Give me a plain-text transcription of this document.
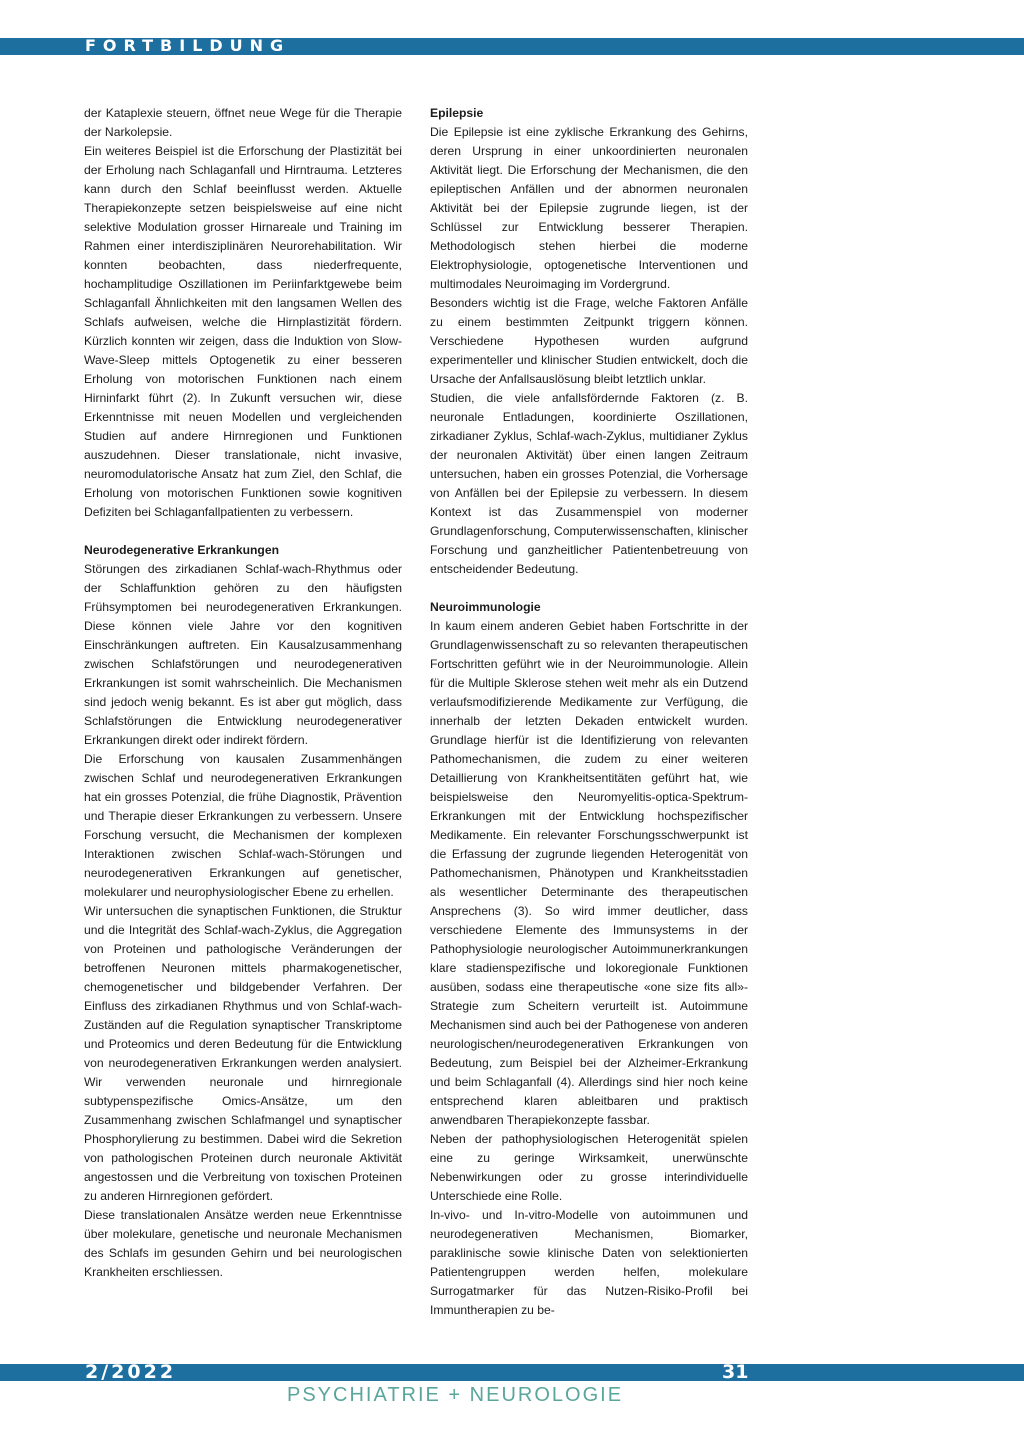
FORTBILDUNG

der Kataplexie steuern, öffnet neue Wege für die Therapie der Narkolepsie.

Ein weiteres Beispiel ist die Erforschung der Plastizität bei der Erholung nach Schlaganfall und Hirntrauma. Letzteres kann durch den Schlaf beeinflusst werden. Aktuelle Therapiekonzepte setzen beispielsweise auf eine nicht selektive Modulation grosser Hirnareale und Training im Rahmen einer interdisziplinären Neurorehabilitation. Wir konnten beobachten, dass niederfrequente, hochamplitudige Oszillationen im Periinfarktgewebe beim Schlaganfall Ähnlichkeiten mit den langsamen Wellen des Schlafs aufweisen, welche die Hirnplastizität fördern. Kürzlich konnten wir zeigen, dass die Induktion von Slow-Wave-Sleep mittels Optogenetik zu einer besseren Erholung von motorischen Funktionen nach einem Hirninfarkt führt (2). In Zukunft versuchen wir, diese Erkenntnisse mit neuen Modellen und vergleichenden Studien auf andere Hirnregionen und Funktionen auszudehnen. Dieser translationale, nicht invasive, neuromodulatorische Ansatz hat zum Ziel, den Schlaf, die Erholung von motorischen Funktionen sowie kognitiven Defiziten bei Schlaganfallpatienten zu verbessern.

Neurodegenerative Erkrankungen

Störungen des zirkadianen Schlaf-wach-Rhythmus oder der Schlaffunktion gehören zu den häufigsten Frühsymptomen bei neurodegenerativen Erkrankungen. Diese können viele Jahre vor den kognitiven Einschränkungen auftreten. Ein Kausalzusammenhang zwischen Schlafstörungen und neurodegenerativen Erkrankungen ist somit wahrscheinlich. Die Mechanismen sind jedoch wenig bekannt. Es ist aber gut möglich, dass Schlafstörungen die Entwicklung neurodegenerativer Erkrankungen direkt oder indirekt fördern.

Die Erforschung von kausalen Zusammenhängen zwischen Schlaf und neurodegenerativen Erkrankungen hat ein grosses Potenzial, die frühe Diagnostik, Prävention und Therapie dieser Erkrankungen zu verbessern. Unsere Forschung versucht, die Mechanismen der komplexen Interaktionen zwischen Schlaf-wach-Störungen und neurodegenerativen Erkrankungen auf genetischer, molekularer und neurophysiologischer Ebene zu erhellen.

Wir untersuchen die synaptischen Funktionen, die Struktur und die Integrität des Schlaf-wach-Zyklus, die Aggregation von Proteinen und pathologische Veränderungen der betroffenen Neuronen mittels pharmakogenetischer, chemogenetischer und bildgebender Verfahren. Der Einfluss des zirkadianen Rhythmus und von Schlaf-wach-Zuständen auf die Regulation synaptischer Transkriptome und Proteomics und deren Bedeutung für die Entwicklung von neurodegenerativen Erkrankungen werden analysiert. Wir verwenden neuronale und hirnregionale subtypenspezifische Omics-Ansätze, um den Zusammenhang zwischen Schlafmangel und synaptischer Phosphorylierung zu bestimmen. Dabei wird die Sekretion von pathologischen Proteinen durch neuronale Aktivität angestossen und die Verbreitung von toxischen Proteinen zu anderen Hirnregionen gefördert.

Diese translationalen Ansätze werden neue Erkenntnisse über molekulare, genetische und neuronale Mechanismen des Schlafs im gesunden Gehirn und bei neurologischen Krankheiten erschliessen.

Epilepsie

Die Epilepsie ist eine zyklische Erkrankung des Gehirns, deren Ursprung in einer unkoordinierten neuronalen Aktivität liegt. Die Erforschung der Mechanismen, die den epileptischen Anfällen und der abnormen neuronalen Aktivität bei der Epilepsie zugrunde liegen, ist der Schlüssel zur Entwicklung besserer Therapien. Methodologisch stehen hierbei die moderne Elektrophysiologie, optogenetische Interventionen und multimodales Neuroimaging im Vordergrund.

Besonders wichtig ist die Frage, welche Faktoren Anfälle zu einem bestimmten Zeitpunkt triggern können. Verschiedene Hypothesen wurden aufgrund experimenteller und klinischer Studien entwickelt, doch die Ursache der Anfallsauslösung bleibt letztlich unklar.

Studien, die viele anfallsfördernde Faktoren (z. B. neuronale Entladungen, koordinierte Oszillationen, zirkadianer Zyklus, Schlaf-wach-Zyklus, multidianer Zyklus der neuronalen Aktivität) über einen langen Zeitraum untersuchen, haben ein grosses Potenzial, die Vorhersage von Anfällen bei der Epilepsie zu verbessern. In diesem Kontext ist das Zusammenspiel von moderner Grundlagenforschung, Computerwissenschaften, klinischer Forschung und ganzheitlicher Patientenbetreuung von entscheidender Bedeutung.

Neuroimmunologie

In kaum einem anderen Gebiet haben Fortschritte in der Grundlagenwissenschaft zu so relevanten therapeutischen Fortschritten geführt wie in der Neuroimmunologie. Allein für die Multiple Sklerose stehen weit mehr als ein Dutzend verlaufsmodifizierende Medikamente zur Verfügung, die innerhalb der letzten Dekaden entwickelt wurden. Grundlage hierfür ist die Identifizierung von relevanten Pathomechanismen, die zudem zu einer weiteren Detaillierung von Krankheitsentitäten geführt hat, wie beispielsweise den Neuromyelitis-optica-Spektrum-Erkrankungen mit der Entwicklung hochspezifischer Medikamente. Ein relevanter Forschungsschwerpunkt ist die Erfassung der zugrunde liegenden Heterogenität von Pathomechanismen, Phänotypen und Krankheitsstadien als wesentlicher Determinante des therapeutischen Ansprechens (3). So wird immer deutlicher, dass verschiedene Elemente des Immunsystems in der Pathophysiologie neurologischer Autoimmunerkrankungen klare stadienspezifische und lokoregionale Funktionen ausüben, sodass eine therapeutische «one size fits all»-Strategie zum Scheitern verurteilt ist. Autoimmune Mechanismen sind auch bei der Pathogenese von anderen neurologischen/neurodegenerativen Erkrankungen von Bedeutung, zum Beispiel bei der Alzheimer-Erkrankung und beim Schlaganfall (4). Allerdings sind hier noch keine entsprechend klaren ableitbaren und praktisch anwendbaren Therapiekonzepte fassbar.

Neben der pathophysiologischen Heterogenität spielen eine zu geringe Wirksamkeit, unerwünschte Nebenwirkungen oder zu grosse interindividuelle Unterschiede eine Rolle.

In-vivo- und In-vitro-Modelle von autoimmunen und neurodegenerativen Mechanismen, Biomarker, paraklinische sowie klinische Daten von selektionierten Patientengruppen werden helfen, molekulare Surrogatmarker für das Nutzen-Risiko-Profil bei Immuntherapien zu be-

2/2022	31
PSYCHIATRIE + NEUROLOGIE
